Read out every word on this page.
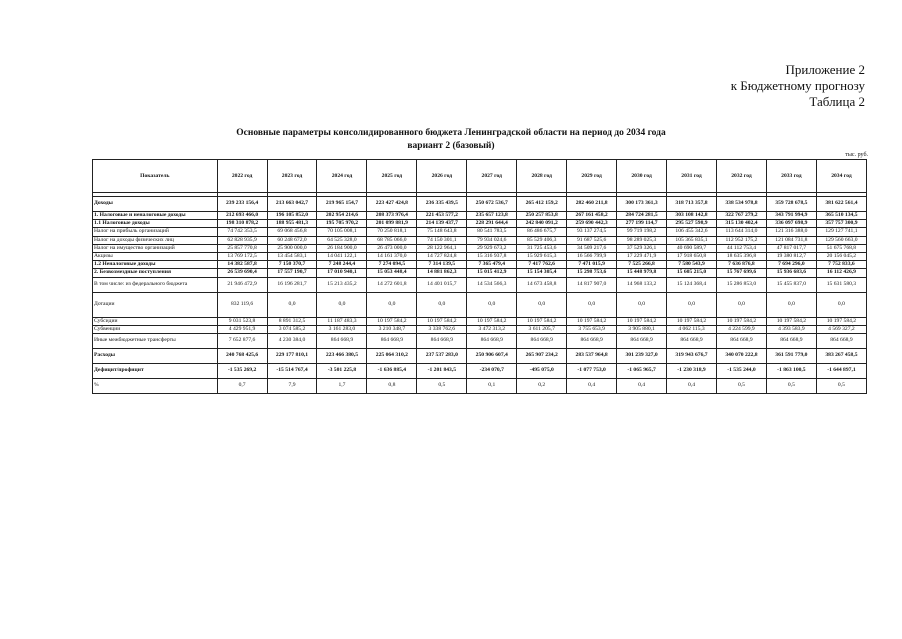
Приложение 2
к Бюджетному прогнозу
Таблица 2
Основные параметры консолидированного бюджета Ленинградской области на период до 2034 года
вариант 2 (базовый)
тыс. руб.
Показатель	2022 год	2023 год	2024 год	2025 год	2026 год	2027 год	2028 год	2029 год	2030 год	2031 год	2032 год	2033 год	2034 год

Доходы	239 233 156,4	213 663 042,7	219 965 154,7	223 427 424,8	236 335 439,5	250 672 536,7	265 412 159,2	282 460 211,8	300 173 361,3	318 713 357,8	338 534 978,8	359 728 678,5	381 622 561,4
1. Налоговые и неналоговые доходы	212 693 466,0	196 105 852,0	202 954 214,6	208 373 976,4	221 453 577,2	235 657 123,8	250 257 853,8	267 161 458,2	284 724 281,5	303 108 142,8	322 767 279,2	343 791 994,9	365 510 134,5
1.1 Налоговые доходы	198 310 878,2	188 955 481,3	195 705 970,2	201 099 881,9	214 139 437,7	228 291 644,4	242 840 091,2	259 690 442,3	277 199 114,7	295 527 598,9	315 130 402,4	336 097 698,9	357 757 300,9
Налог на прибыль организаций	74 742 353,5	69 068 456,8	70 105 008,1	70 250 818,1	75 148 643,8	80 541 783,5	86 486 675,7	93 137 274,5	99 719 198,2	106 455 342,6	113 644 314,0	121 316 388,0	129 127 741,1
Налог на доходы физических лиц	62 828 935,9	60 248 672,0	64 525 328,0	68 785 066,0	74 150 301,1	79 934 024,6	85 529 406,3	91 687 525,6	98 289 025,3	105 365 835,1	112 952 175,2	121 084 731,8	129 560 663,0
Налог на имущество организаций	25 857 770,8	25 900 000,0	26 184 900,0	26 473 000,0	28 122 964,1	29 929 673,2	31 725 453,6	34 509 217,6	37 529 326,1	40 690 589,7	44 112 753,4	47 817 017,7	51 675 768,8
Акцизы	13 769 172,5	13 454 583,1	14 041 122,1	14 161 370,0	14 727 824,8	15 316 937,8	15 929 615,3	16 566 799,9	17 229 471,9	17 918 650,8	18 635 396,8	19 380 812,7	20 156 045,2
1.2 Неналоговые доходы	14 382 587,8	7 150 370,7	7 248 244,4	7 274 094,5	7 314 139,5	7 365 479,4	7 417 762,6	7 471 015,9	7 525 266,8	7 580 543,9	7 636 876,8	7 694 296,0	7 752 833,6
2. Безвозмездные поступления	26 539 690,4	17 557 190,7	17 010 940,1	15 053 448,4	14 881 862,3	15 015 412,9	15 154 305,4	15 298 753,6	15 448 979,8	15 605 215,0	15 767 699,6	15 936 683,6	16 112 426,9
В том числе: из федерального бюджета	21 946 472,9	16 196 281,7	15 213 435,2	14 272 601,8	14 401 015,7	14 534 566,3	14 673 458,8	14 817 907,0	14 968 133,2	15 124 368,4	15 286 853,0	15 455 837,0	15 631 580,3
Дотации	832 119,6	0,0	0,0	0,0	0,0	0,0	0,0	0,0	0,0	0,0	0,0	0,0	0,0
Субсидии	9 031 523,8	8 891 312,5	11 187 483,3	10 197 584,2	10 197 584,2	10 197 584,2	10 197 584,2	10 197 584,2	10 197 584,2	10 197 584,2	10 197 584,2	10 197 584,2	10 197 584,2
Субвенции	4 429 951,9	3 074 585,2	3 161 283,0	3 210 348,7	3 338 762,6	3 472 313,2	3 611 205,7	3 755 653,9	3 905 880,1	4 062 115,3	4 224 599,9	4 393 583,9	4 569 327,2
Иные межбюджетные трансферты	7 652 877,6	4 230 384,0	864 668,9	864 668,9	864 668,9	864 668,9	864 668,9	864 668,9	864 668,9	864 668,9	864 668,9	864 668,9	864 668,9
Расходы	240 768 425,6	229 177 810,1	223 466 380,5	225 064 310,2	237 537 283,0	250 906 607,4	265 907 234,2	283 537 964,8	301 239 327,0	319 943 676,7	340 070 222,8	361 591 779,0	383 267 458,5
Дефицит/профицит	-1 535 269,2	-15 514 767,4	-3 501 225,8	-1 636 885,4	-1 201 843,5	-234 070,7	-495 075,0	-1 077 753,0	-1 065 965,7	-1 230 318,9	-1 535 244,0	-1 863 100,5	-1 644 897,1
%	0,7	7,9	1,7	0,8	0,5	0,1	0,2	0,4	0,4	0,4	0,5	0,5	0,5
